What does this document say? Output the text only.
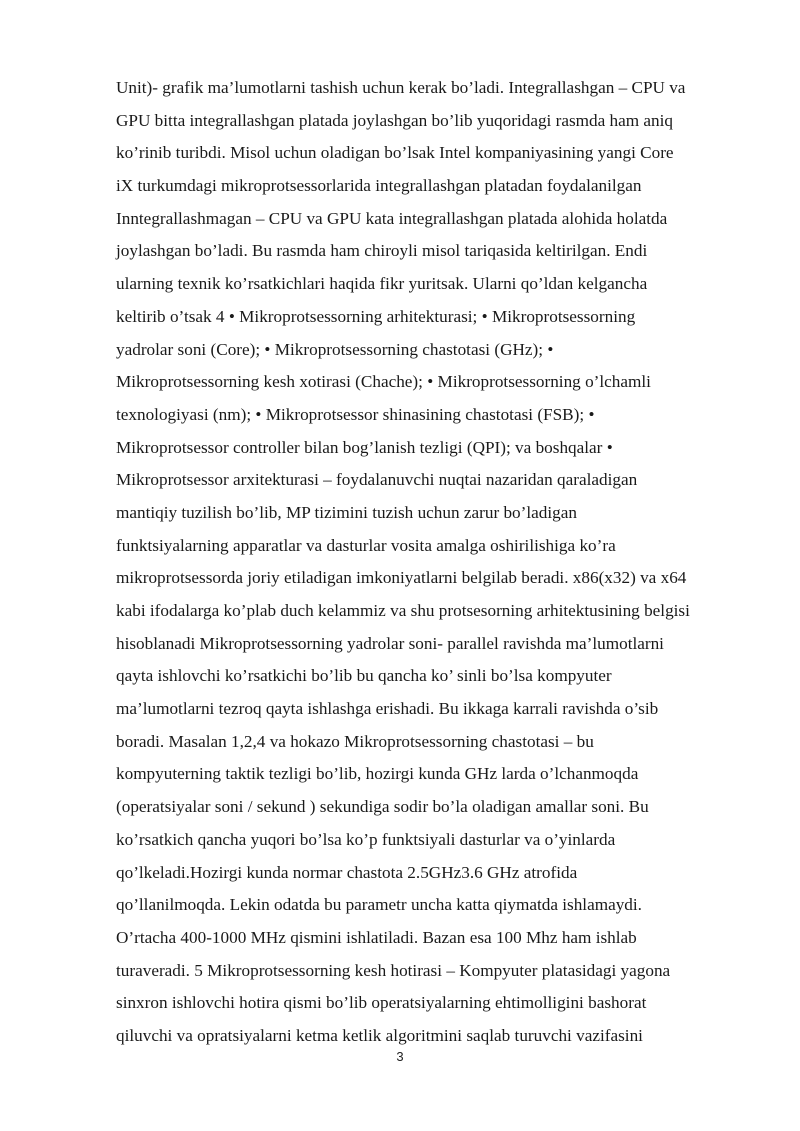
Unit)- grafik ma’lumotlarni tashish uchun kerak bo’ladi. Integrallashgan – CPU va
GPU bitta integrallashgan platada joylashgan bo’lib yuqoridagi rasmda ham aniq
ko’rinib turibdi. Misol uchun oladigan bo’lsak Intel kompaniyasining yangi Core
iX turkumdagi mikroprotsessorlarida integrallashgan platadan foydalanilgan
Inntegrallashmagan – CPU va GPU kata integrallashgan platada alohida holatda
joylashgan bo’ladi. Bu rasmda ham chiroyli misol tariqasida keltirilgan. Endi
ularning texnik ko’rsatkichlari haqida fikr yuritsak. Ularni qo’ldan kelgancha
keltirib o’tsak 4 • Mikroprotsessorning arhitekturasi; • Mikroprotsessorning
yadrolar soni (Core); • Mikroprotsessorning chastotasi (GHz); •
Mikroprotsessorning kesh xotirasi (Chache); • Mikroprotsessorning o’lchamli
texnologiyasi (nm); • Mikroprotsessor shinasining chastotasi (FSB); •
Mikroprotsessor controller bilan bog’lanish tezligi (QPI); va boshqalar •
Mikroprotsessor arxitekturasi – foydalanuvchi nuqtai nazaridan qaraladigan
mantiqiy tuzilish bo’lib, MP tizimini tuzish uchun zarur bo’ladigan
funktsiyalarning apparatlar va dasturlar vosita amalga oshirilishiga ko’ra
mikroprotsessorda joriy etiladigan imkoniyatlarni belgilab beradi. x86(x32) va x64
kabi ifodalarga ko’plab duch kelammiz va shu protsesorning arhitektusining belgisi
hisoblanadi Mikroprotsessorning yadrolar soni- parallel ravishda ma’lumotlarni
qayta ishlovchi ko’rsatkichi bo’lib bu qancha ko’ sinli bo’lsa kompyuter
ma’lumotlarni tezroq qayta ishlashga erishadi. Bu ikkaga karrali ravishda o’sib
boradi. Masalan 1,2,4 va hokazo Mikroprotsessorning chastotasi – bu
kompyuterning taktik tezligi bo’lib, hozirgi kunda GHz larda o’lchanmoqda
(operatsiyalar soni / sekund ) sekundiga sodir bo’la oladigan amallar soni. Bu
ko’rsatkich qancha yuqori bo’lsa ko’p funktsiyali dasturlar va o’yinlarda
qo’lkeladi.Hozirgi kunda normar chastota 2.5GHz3.6 GHz atrofida
qo’llanilmoqda. Lekin odatda bu parametr uncha katta qiymatda ishlamaydi.
O’rtacha 400-1000 MHz qismini ishlatiladi. Bazan esa 100 Mhz ham ishlab
turaveradi. 5 Mikroprotsessorning kesh hotirasi – Kompyuter platasidagi yagona
sinxron ishlovchi hotira qismi bo’lib operatsiyalarning ehtimolligini bashorat
qiluvchi va opratsiyalarni ketma ketlik algoritmini saqlab turuvchi vazifasini
3
